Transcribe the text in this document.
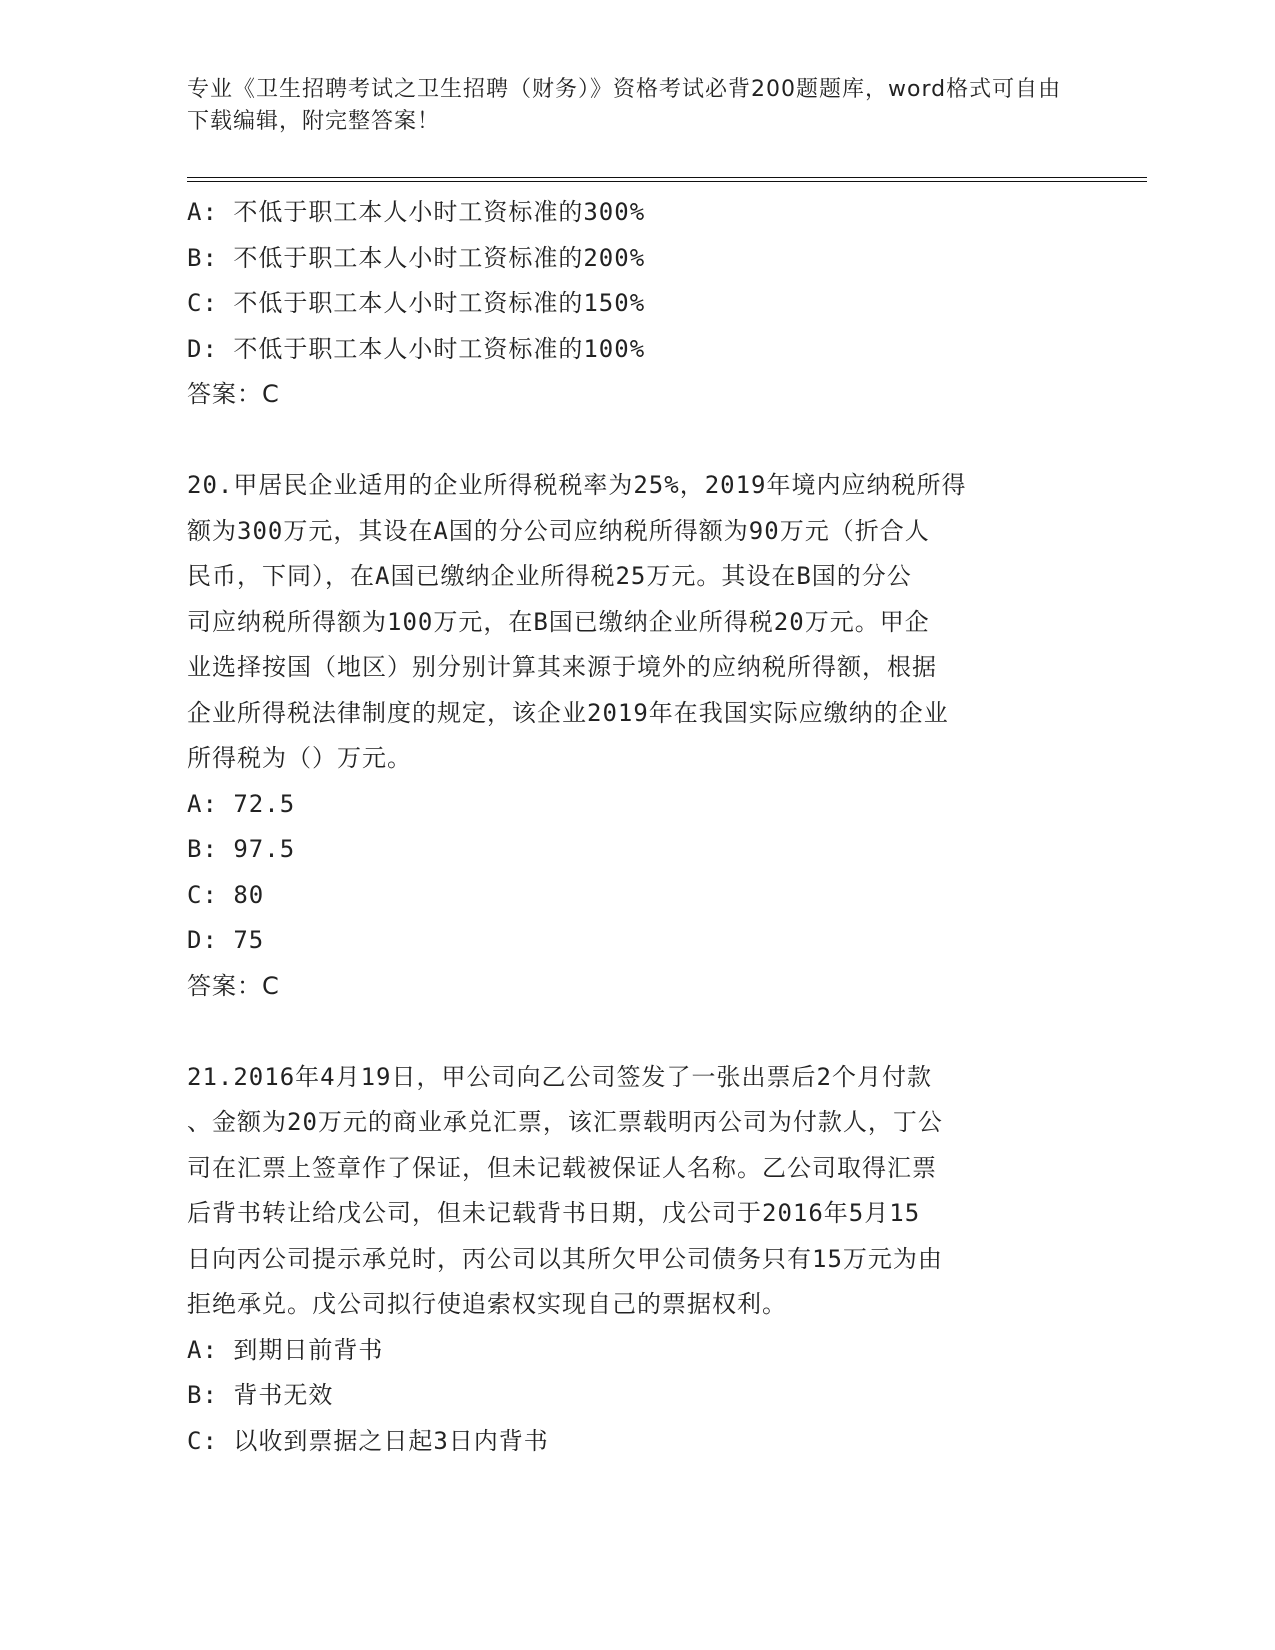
专业《卫生招聘考试之卫生招聘（财务）》资格考试必背200题题库，word格式可自由下载编辑，附完整答案！
A: 不低于职工本人小时工资标准的300%
B: 不低于职工本人小时工资标准的200%
C: 不低于职工本人小时工资标准的150%
D: 不低于职工本人小时工资标准的100%
答案：C
20.甲居民企业适用的企业所得税税率为25%，2019年境内应纳税所得
额为300万元，其设在A国的分公司应纳税所得额为90万元（折合人
民币，下同），在A国已缴纳企业所得税25万元。其设在B国的分公
司应纳税所得额为100万元，在B国已缴纳企业所得税20万元。甲企
业选择按国（地区）别分别计算其来源于境外的应纳税所得额，根据
企业所得税法律制度的规定，该企业2019年在我国实际应缴纳的企业
所得税为（）万元。
A: 72.5
B: 97.5
C: 80
D: 75
答案：C
21.2016年4月19日，甲公司向乙公司签发了一张出票后2个月付款
、金额为20万元的商业承兑汇票，该汇票载明丙公司为付款人，丁公
司在汇票上签章作了保证，但未记载被保证人名称。乙公司取得汇票
后背书转让给戊公司，但未记载背书日期，戊公司于2016年5月15
日向丙公司提示承兑时，丙公司以其所欠甲公司债务只有15万元为由
拒绝承兑。戊公司拟行使追索权实现自己的票据权利。
A: 到期日前背书
B: 背书无效
C: 以收到票据之日起3日内背书
